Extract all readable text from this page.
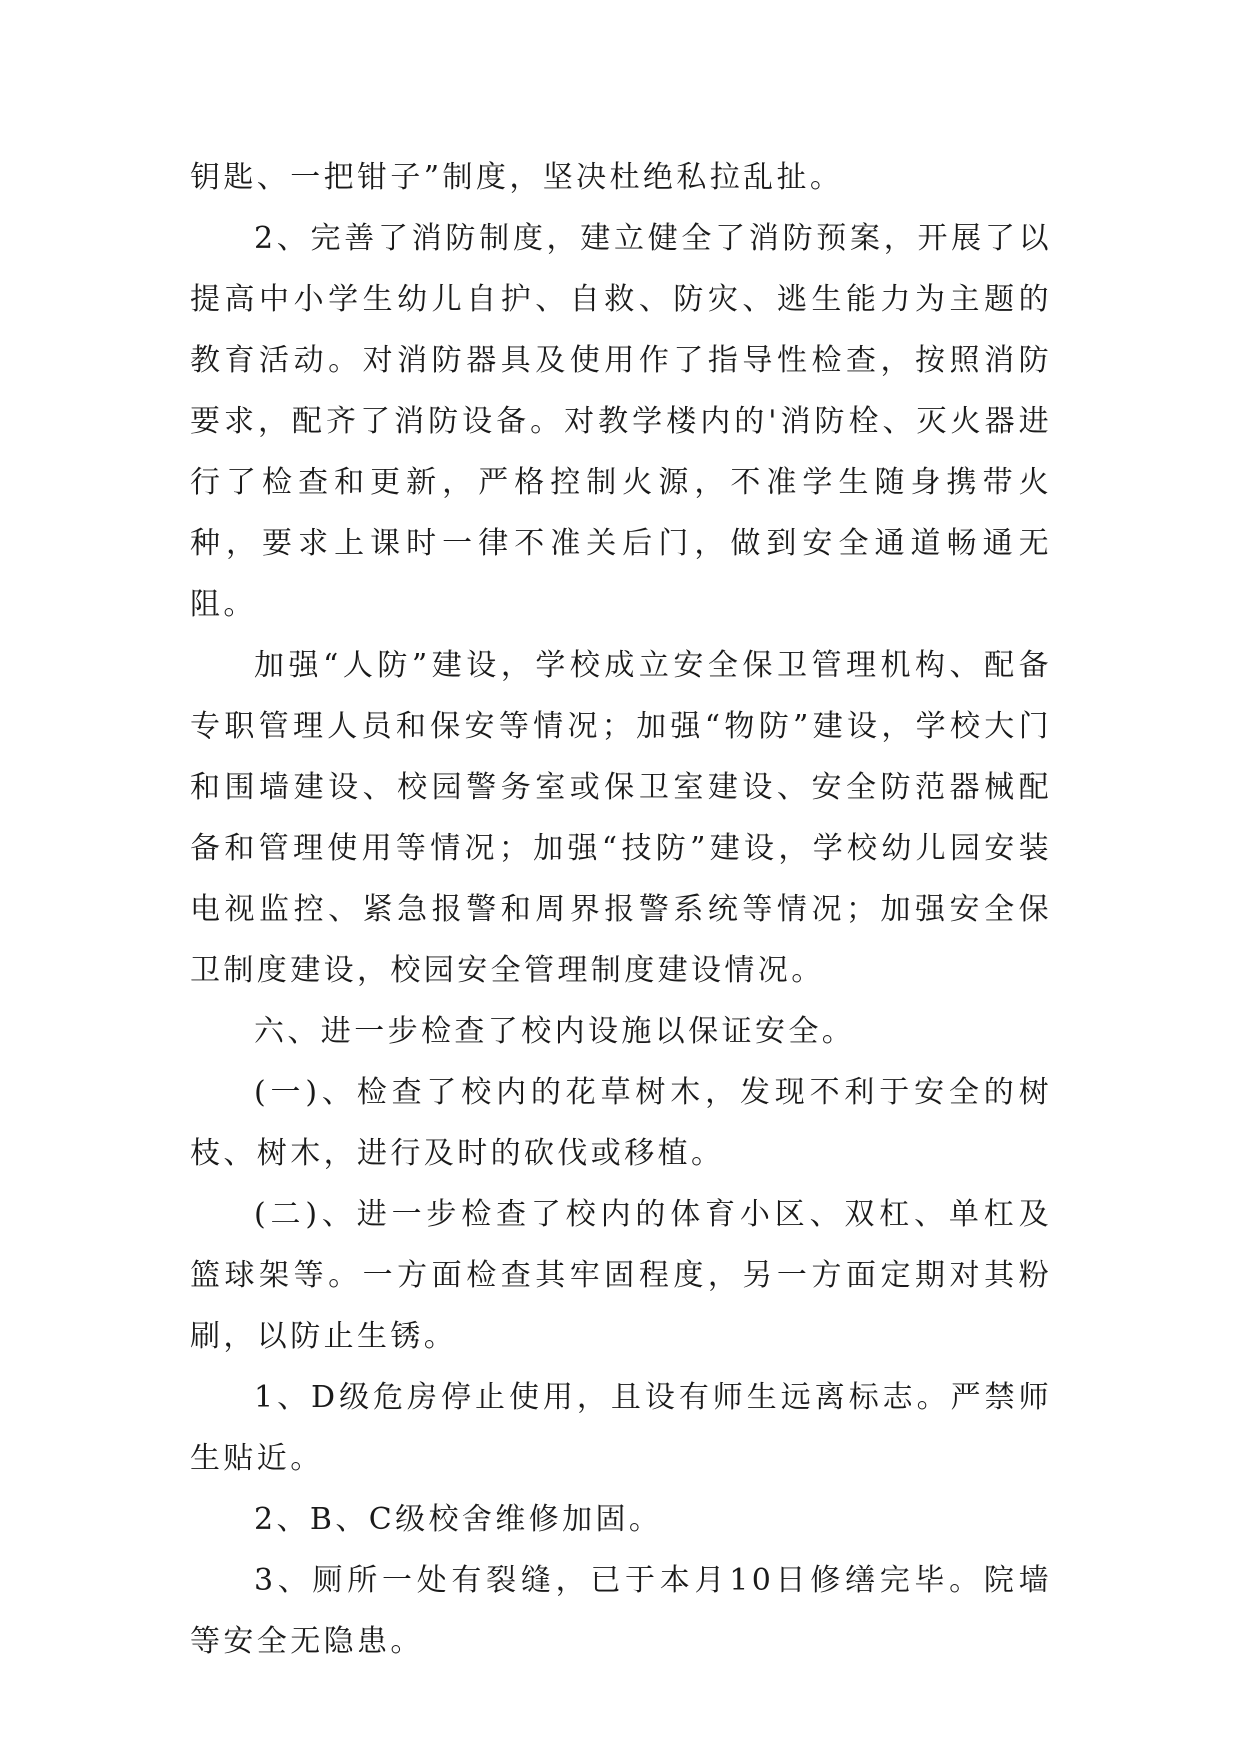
钥匙、一把钳子”制度，坚决杜绝私拉乱扯。

2、完善了消防制度，建立健全了消防预案，开展了以提高中小学生幼儿自护、自救、防灾、逃生能力为主题的教育活动。对消防器具及使用作了指导性检查，按照消防要求，配齐了消防设备。对教学楼内的'消防栓、灭火器进行了检查和更新，严格控制火源，不准学生随身携带火种，要求上课时一律不准关后门，做到安全通道畅通无阻。

加强“人防”建设，学校成立安全保卫管理机构、配备专职管理人员和保安等情况；加强“物防”建设，学校大门和围墙建设、校园警务室或保卫室建设、安全防范器械配备和管理使用等情况；加强“技防”建设，学校幼儿园安装电视监控、紧急报警和周界报警系统等情况；加强安全保卫制度建设，校园安全管理制度建设情况。

六、进一步检查了校内设施以保证安全。

(一)、检查了校内的花草树木，发现不利于安全的树枝、树木，进行及时的砍伐或移植。

(二)、进一步检查了校内的体育小区、双杠、单杠及篮球架等。一方面检查其牢固程度，另一方面定期对其粉刷，以防止生锈。

1、D级危房停止使用，且设有师生远离标志。严禁师生贴近。

2、B、C级校舍维修加固。

3、厕所一处有裂缝，已于本月10日修缮完毕。院墙等安全无隐患。
